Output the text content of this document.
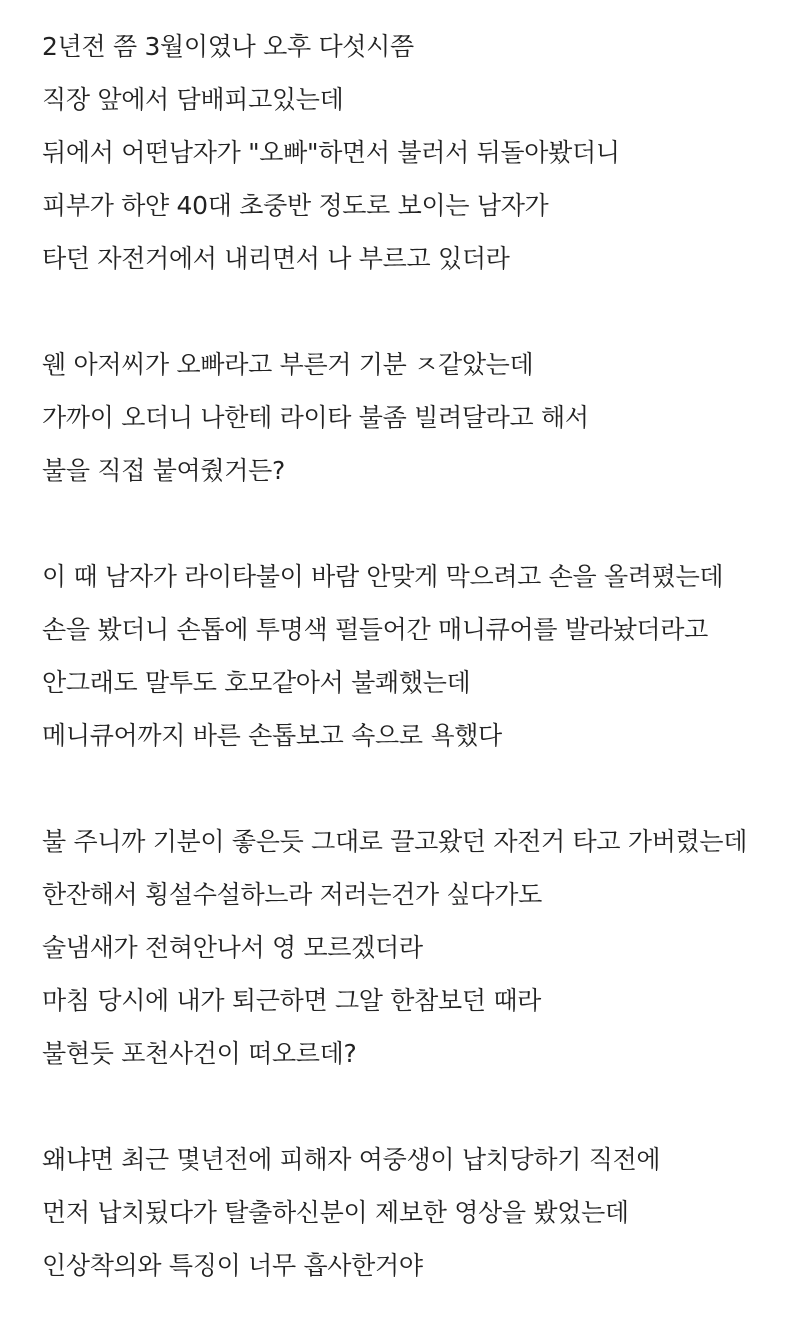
2년전 쯤 3월이였나 오후 다섯시쯤
직장 앞에서 담배피고있는데
뒤에서 어떤남자가 "오빠"하면서 불러서 뒤돌아봤더니
피부가 하얀 40대 초중반 정도로 보이는 남자가
타던 자전거에서 내리면서 나 부르고 있더라
웬 아저씨가 오빠라고 부른거 기분 ㅈ같았는데
가까이 오더니 나한테 라이타 불좀 빌려달라고 해서
불을 직접 붙여줬거든?
이 때 남자가 라이타불이 바람 안맞게 막으려고 손을 올려폈는데
손을 봤더니 손톱에 투명색 펄들어간 매니큐어를 발라놨더라고
안그래도 말투도 호모같아서 불쾌했는데
메니큐어까지 바른 손톱보고 속으로 욕했다
불 주니까 기분이 좋은듯 그대로 끌고왔던 자전거 타고 가버렸는데
한잔해서 횡설수설하느라 저러는건가 싶다가도
술냄새가 전혀안나서 영 모르겠더라
마침 당시에 내가 퇴근하면 그알 한참보던 때라
불현듯 포천사건이 떠오르데?
왜냐면 최근 몇년전에 피해자 여중생이 납치당하기 직전에
먼저 납치됬다가 탈출하신분이 제보한 영상을 봤었는데
인상착의와 특징이 너무 흡사한거야
